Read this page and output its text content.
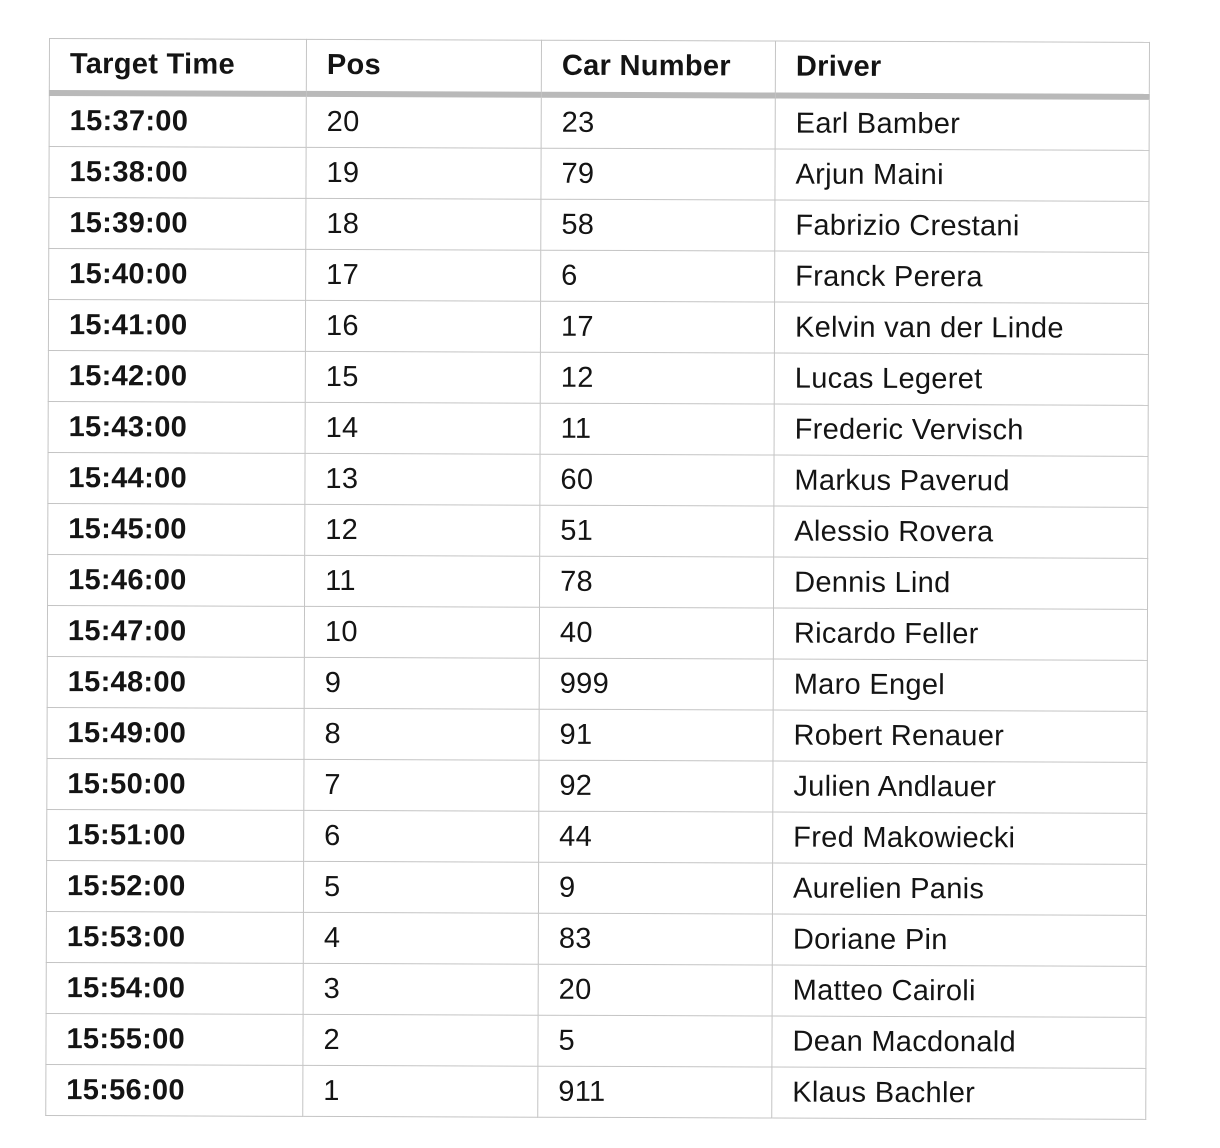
Target Time	Pos	Car Number	Driver
15:37:00	20	23	Earl Bamber
15:38:00	19	79	Arjun Maini
15:39:00	18	58	Fabrizio Crestani
15:40:00	17	6	Franck Perera
15:41:00	16	17	Kelvin van der Linde
15:42:00	15	12	Lucas Legeret
15:43:00	14	11	Frederic Vervisch
15:44:00	13	60	Markus Paverud
15:45:00	12	51	Alessio Rovera
15:46:00	11	78	Dennis Lind
15:47:00	10	40	Ricardo Feller
15:48:00	9	999	Maro Engel
15:49:00	8	91	Robert Renauer
15:50:00	7	92	Julien Andlauer
15:51:00	6	44	Fred Makowiecki
15:52:00	5	9	Aurelien Panis
15:53:00	4	83	Doriane Pin
15:54:00	3	20	Matteo Cairoli
15:55:00	2	5	Dean Macdonald
15:56:00	1	911	Klaus Bachler
